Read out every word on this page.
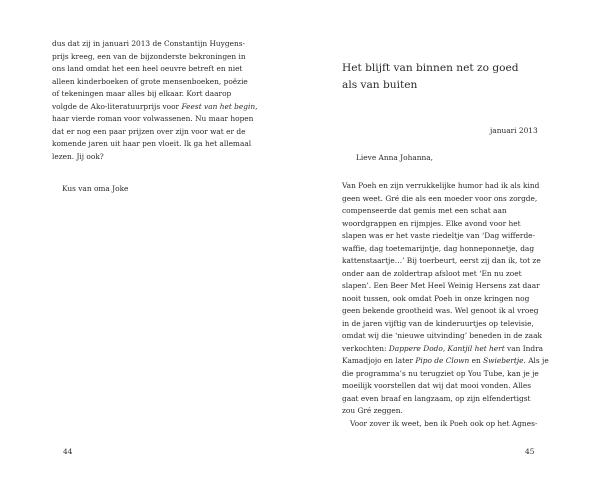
dus dat zij in januari 2013 de Constantijn Huygens-
prijs kreeg, een van de bijzonderste bekroningen in
ons land omdat het een heel oeuvre betreft en niet
alleen kinderboeken of grote mensenboeken, poëzie
of tekeningen maar alles bij elkaar. Kort daarop
volgde de Ako-literatuurprijs voor Feest van het begin,
haar vierde roman voor volwassenen. Nu maar hopen
dat er nog een paar prijzen over zijn voor wat er de
komende jaren uit haar pen vloeit. Ik ga het allemaal
lezen. Jij ook?

Kus van oma Joke

44

Het blijft van binnen net zo goed
als van buiten

januari 2013

Lieve Anna Johanna,

Van Poeh en zijn verrukkelijke humor had ik als kind
geen weet. Gré die als een moeder voor ons zorgde,
compenseerde dat gemis met een schat aan
woordgrappen en rijmpjes. Elke avond voor het
slapen was er het vaste riedeltje van ‘Dag wifferde-
waffie, dag toetemarijntje, dag honneponnetje, dag
kattenstaartje…’ Bij toerbeurt, eerst zij dan ik, tot ze
onder aan de zoldertrap afsloot met ‘En nu zoet
slapen’. Een Beer Met Heel Weinig Hersens zat daar
nooit tussen, ook omdat Poeh in onze kringen nog
geen bekende grootheid was. Wel genoot ik al vroeg
in de jaren vijftig van de kinderuurtjes op televisie,
omdat wij die ‘nieuwe uitvinding’ beneden in de zaak
verkochten: Dappere Dodo, Kantjil het hert van Indra
Kamadjojo en later Pipo de Clown en Swiebertje. Als je
die programma’s nu terugziet op You Tube, kan je je
moeilijk voorstellen dat wij dat mooi vonden. Alles
gaat even braaf en langzaam, op zijn elfendertigst
zou Gré zeggen.
Voor zover ik weet, ben ik Poeh ook op het Agnes-

45
